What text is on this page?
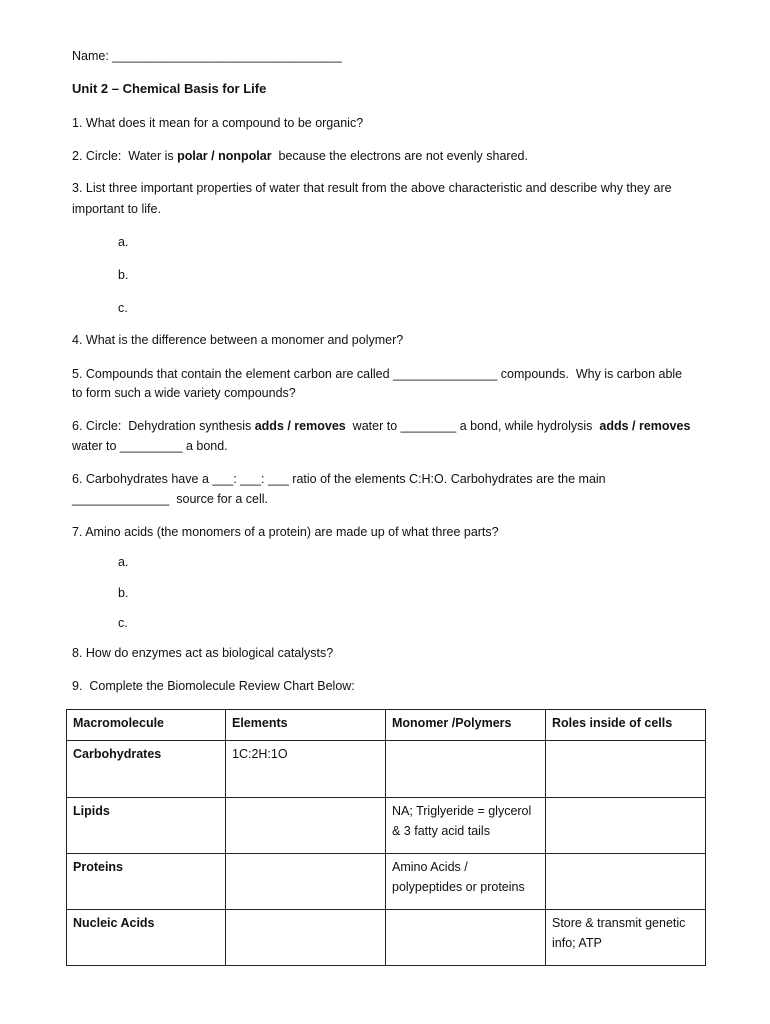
Name: _________________________________
Unit 2 – Chemical Basis for Life
1. What does it mean for a compound to be organic?
2. Circle:  Water is polar / nonpolar  because the electrons are not evenly shared.
3. List three important properties of water that result from the above characteristic and describe why they are
important to life.
a.
b.
c.
4. What is the difference between a monomer and polymer?
5. Compounds that contain the element carbon are called _______________ compounds.  Why is carbon able
to form such a wide variety compounds?
6. Circle:  Dehydration synthesis adds / removes  water to ________ a bond, while hydrolysis  adds / removes
water to _________ a bond.
6. Carbohydrates have a ___: ___: ___ ratio of the elements C:H:O. Carbohydrates are the main
______________  source for a cell.
7. Amino acids (the monomers of a protein) are made up of what three parts?
a.
b.
c.
8. How do enzymes act as biological catalysts?
9.  Complete the Biomolecule Review Chart Below:
Macromolecule	Elements	Monomer /Polymers	Roles inside of cells
Carbohydrates	1C:2H:1O		
Lipids		NA; Triglyeride = glycerol & 3 fatty acid tails	
Proteins		Amino Acids / polypeptides or proteins	
Nucleic Acids			Store & transmit genetic info; ATP
